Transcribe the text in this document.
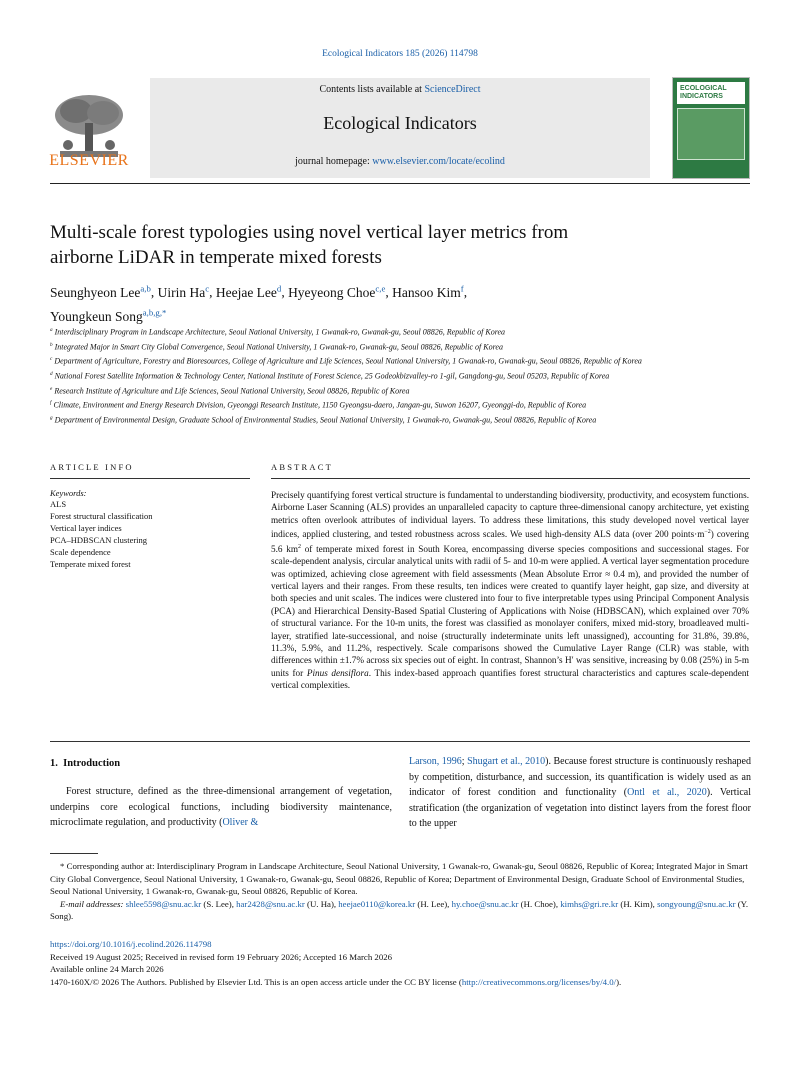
Ecological Indicators 185 (2026) 114798
Contents lists available at ScienceDirect
Ecological Indicators
journal homepage: www.elsevier.com/locate/ecolind
ELSEVIER
ECOLOGICAL INDICATORS
Multi-scale forest typologies using novel vertical layer metrics from
airborne LiDAR in temperate mixed forests
Seunghyeon Lee$^{a,b}$, Uirin Ha$^c$, Heejae Lee$^d$, Hyeyeong Choe$^{c,e}$, Hansoo Kim$^f$,
Youngkeun Song$^{a,b,g,*}$
$^a$ Interdisciplinary Program in Landscape Architecture, Seoul National University, 1 Gwanak-ro, Gwanak-gu, Seoul 08826, Republic of Korea
$^b$ Integrated Major in Smart City Global Convergence, Seoul National University, 1 Gwanak-ro, Gwanak-gu, Seoul 08826, Republic of Korea
$^c$ Department of Agriculture, Forestry and Bioresources, College of Agriculture and Life Sciences, Seoul National University, 1 Gwanak-ro, Gwanak-gu, Seoul 08826, Republic of Korea
$^d$ National Forest Satellite Information & Technology Center, National Institute of Forest Science, 25 Godeokbizvalley-ro 1-gil, Gangdong-gu, Seoul 05203, Republic of Korea
$^e$ Research Institute of Agriculture and Life Sciences, Seoul National University, Seoul 08826, Republic of Korea
$^f$ Climate, Environment and Energy Research Division, Gyeonggi Research Institute, 1150 Gyeongsu-daero, Jangan-gu, Suwon 16207, Gyeonggi-do, Republic of Korea
$^g$ Department of Environmental Design, Graduate School of Environmental Studies, Seoul National University, 1 Gwanak-ro, Gwanak-gu, Seoul 08826, Republic of Korea
ARTICLE INFO	ABSTRACT
Keywords:
ALS
Forest structural classification
Vertical layer indices
PCA–HDBSCAN clustering
Scale dependence
Temperate mixed forest
Precisely quantifying forest vertical structure is fundamental to understanding biodiversity, productivity, and ecosystem functions. Airborne Laser Scanning (ALS) provides an unparalleled capacity to capture three-dimensional canopy architecture, yet existing metrics often overlook attributes of individual layers. To address these limitations, this study developed novel vertical layer indices, applied clustering, and tested robustness across scales. We used high-density ALS data (over 200 $points\cdot m^{-2}$) covering 5.6 $km^2$ of temperate mixed forest in South Korea, encompassing diverse species compositions and successional stages. For scale-dependent analysis, circular analytical units with radii of 5- and 10-m were applied. A vertical layer segmentation procedure was optimized, achieving close agreement with field assessments (Mean Absolute Error ≈ 0.4 m), and provided the number of vertical layers and their ranges. From these results, ten indices were created to quantify layer height, gap size, and diversity at both species and unit scales. The indices were clustered into four to five interpretable types using Principal Component Analysis (PCA) and Hierarchical Density-Based Spatial Clustering of Applications with Noise (HDBSCAN), which explained over 70% of structural variance. For the 10-m units, the forest was classified as monolayer conifers, mixed mid-story, broadleaved multi-layer, stratified late-successional, and noise (structurally indeterminate units left unassigned), accounting for 31.8%, 39.8%, 11.3%, 5.9%, and 11.2%, respectively. Scale comparisons showed the Cumulative Layer Range (CLR) was stable, with differences within ±1.7% across six species out of eight. In contrast, Shannon’s H′ was sensitive, increasing by 0.08 (25%) in 5-m units for Pinus densiflora. This index-based approach quantifies forest structural characteristics and captures scale-dependent vertical complexities.
1. Introduction
Forest structure, defined as the three-dimensional arrangement of vegetation, underpins core ecological functions, including biodiversity maintenance, microclimate regulation, and productivity (Oliver &
Larson, 1996; Shugart et al., 2010). Because forest structure is continuously reshaped by competition, disturbance, and succession, its quantification is widely used as an indicator of forest condition and functionality (Ontl et al., 2020). Vertical stratification (the organization of vegetation into distinct layers from the forest floor to the upper
* Corresponding author at: Interdisciplinary Program in Landscape Architecture, Seoul National University, 1 Gwanak-ro, Gwanak-gu, Seoul 08826, Republic of Korea; Integrated Major in Smart City Global Convergence, Seoul National University, 1 Gwanak-ro, Gwanak-gu, Seoul 08826, Republic of Korea; Department of Environmental Design, Graduate School of Environmental Studies, Seoul National University, 1 Gwanak-ro, Gwanak-gu, Seoul 08826, Republic of Korea.
E-mail addresses: shlee5598@snu.ac.kr (S. Lee), har2428@snu.ac.kr (U. Ha), heejae0110@korea.kr (H. Lee), hy.choe@snu.ac.kr (H. Choe), kimhs@gri.re.kr (H. Kim), songyoung@snu.ac.kr (Y. Song).
https://doi.org/10.1016/j.ecolind.2026.114798
Received 19 August 2025; Received in revised form 19 February 2026; Accepted 16 March 2026
Available online 24 March 2026
1470-160X/© 2026 The Authors. Published by Elsevier Ltd. This is an open access article under the CC BY license (http://creativecommons.org/licenses/by/4.0/).
